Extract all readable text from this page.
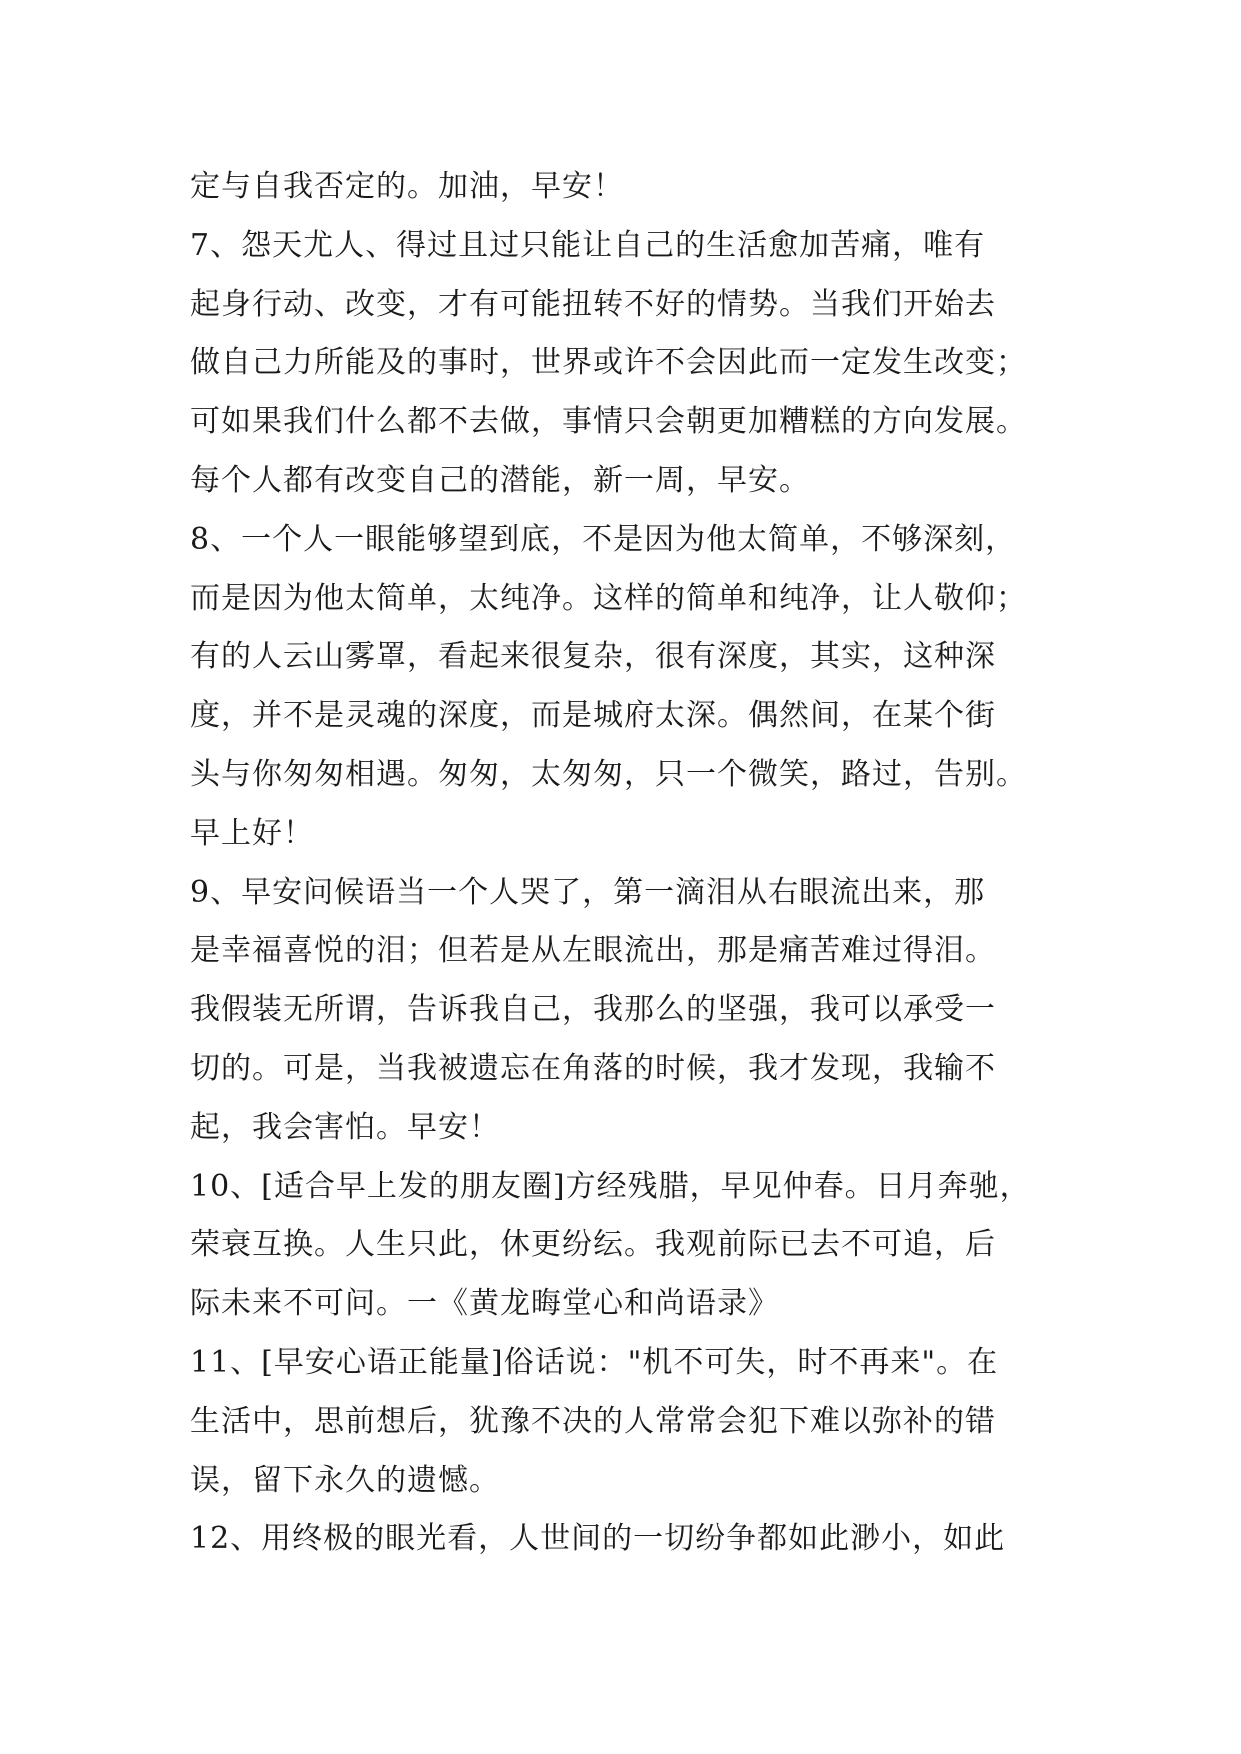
定与自我否定的。加油，早安！
7、怨天尤人、得过且过只能让自己的生活愈加苦痛，唯有
起身行动、改变，才有可能扭转不好的情势。当我们开始去
做自己力所能及的事时，世界或许不会因此而一定发生改变；
可如果我们什么都不去做，事情只会朝更加糟糕的方向发展。
每个人都有改变自己的潜能，新一周，早安。
8、一个人一眼能够望到底，不是因为他太简单，不够深刻，
而是因为他太简单，太纯净。这样的简单和纯净，让人敬仰；
有的人云山雾罩，看起来很复杂，很有深度，其实，这种深
度，并不是灵魂的深度，而是城府太深。偶然间，在某个街
头与你匆匆相遇。匆匆，太匆匆，只一个微笑，路过，告别。
早上好！
9、早安问候语当一个人哭了，第一滴泪从右眼流出来，那
是幸福喜悦的泪；但若是从左眼流出，那是痛苦难过得泪。
我假装无所谓，告诉我自己，我那么的坚强，我可以承受一
切的。可是，当我被遗忘在角落的时候，我才发现，我输不
起，我会害怕。早安！
10、[适合早上发的朋友圈]方经残腊，早见仲春。日月奔驰，
荣衰互换。人生只此，休更纷纭。我观前际已去不可追，后
际未来不可问。一《黄龙晦堂心和尚语录》
11、[早安心语正能量]俗话说："机不可失，时不再来"。在
生活中，思前想后，犹豫不决的人常常会犯下难以弥补的错
误，留下永久的遗憾。
12、用终极的眼光看，人世间的一切纷争都如此渺小，如此
